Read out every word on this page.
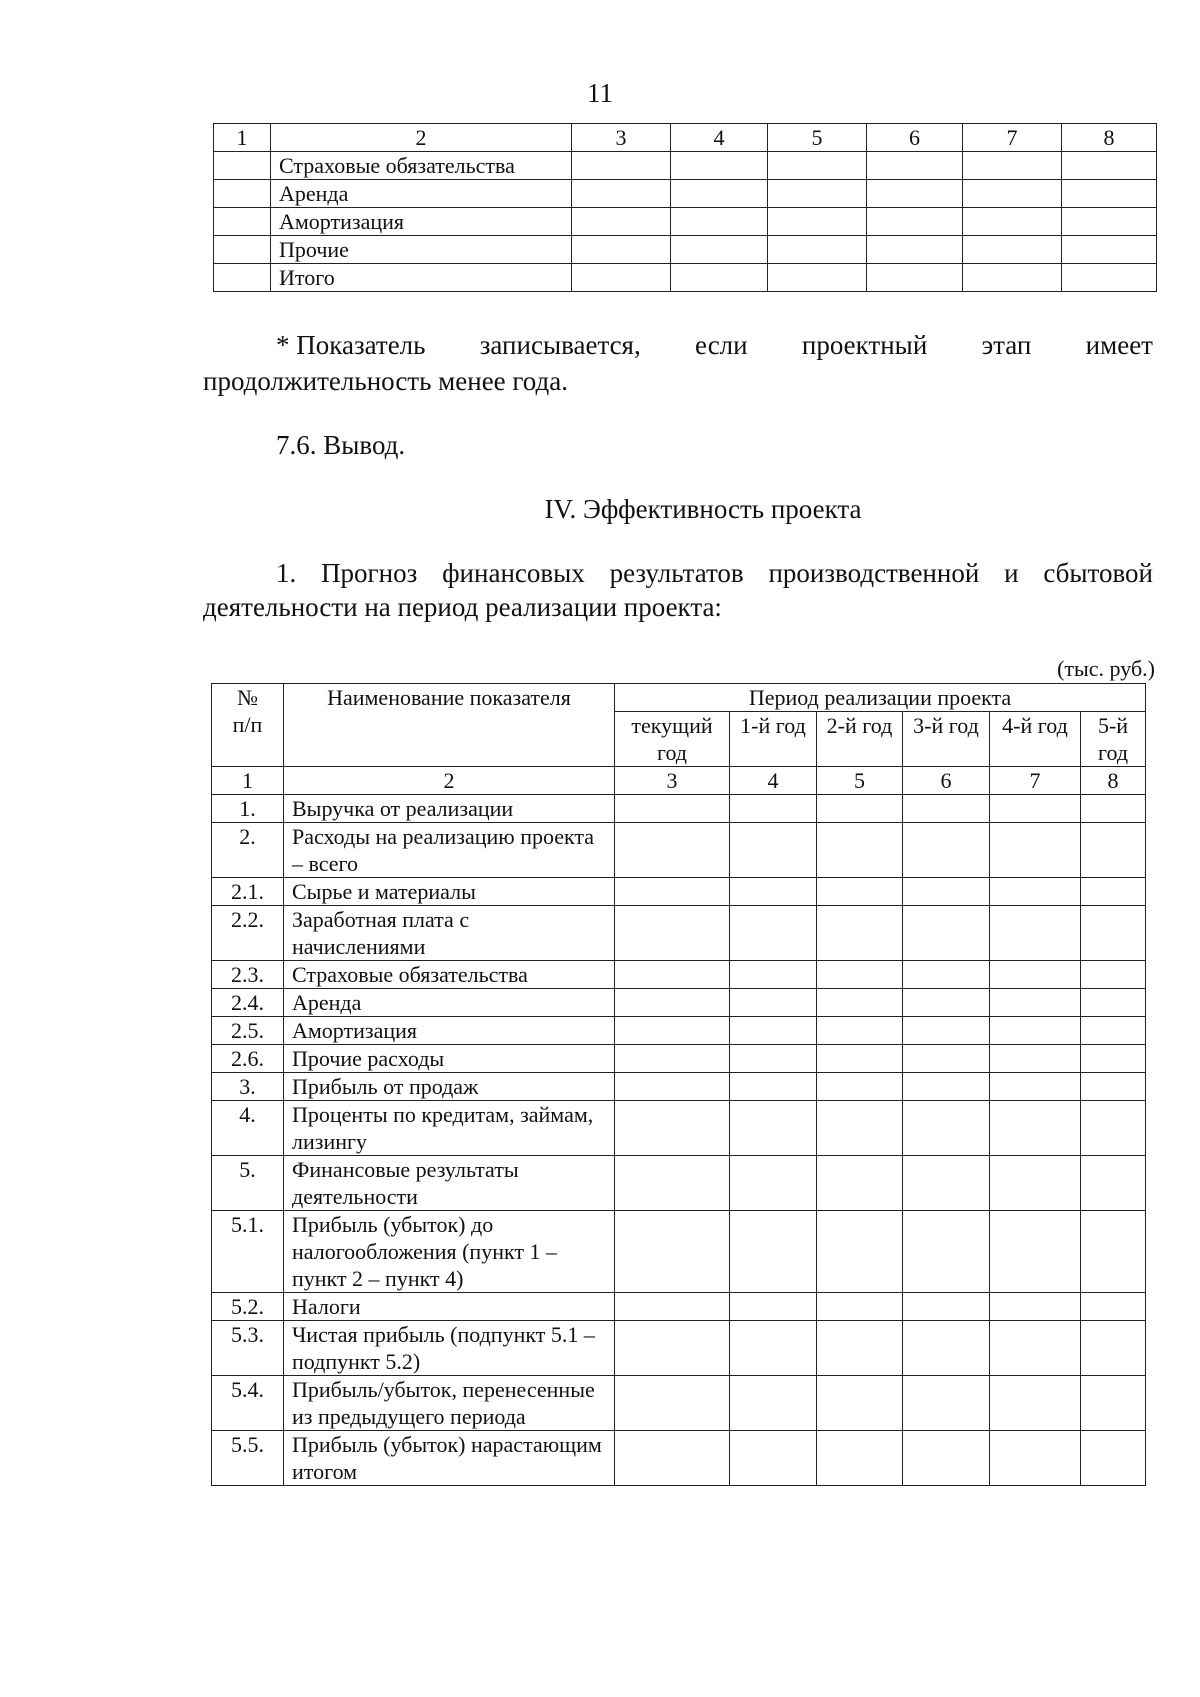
11
1	2	3	4	5	6	7	8
	Страховые обязательства						
	Аренда						
	Амортизация						
	Прочие						
	Итого						

* Показатель записывается, если проектный этап имеет

продолжительность менее года.

7.6. Вывод.

IV. Эффективность проекта

1. Прогноз финансовых результатов производственной и сбытовой деятельности на период реализации проекта:

(тыс. руб.)
№ п/п	Наименование показателя	Период реализации проекта					
		текущий год	1-й год	2-й год	3-й год	4-й год	5-й год
1	2	3	4	5	6	7	8
1.	Выручка от реализации						
2.	Расходы на реализацию проекта – всего						
2.1.	Сырье и материалы						
2.2.	Заработная плата с начислениями						
2.3.	Страховые обязательства						
2.4.	Аренда						
2.5.	Амортизация						
2.6.	Прочие расходы						
3.	Прибыль от продаж						
4.	Проценты по кредитам, займам, лизингу						
5.	Финансовые результаты деятельности						
5.1.	Прибыль (убыток) до налогообложения (пункт 1 – пункт 2 – пункт 4)						
5.2.	Налоги						
5.3.	Чистая прибыль (подпункт 5.1 – подпункт 5.2)						
5.4.	Прибыль/убыток, перенесенные из предыдущего периода						
5.5.	Прибыль (убыток) нарастающим итогом						
